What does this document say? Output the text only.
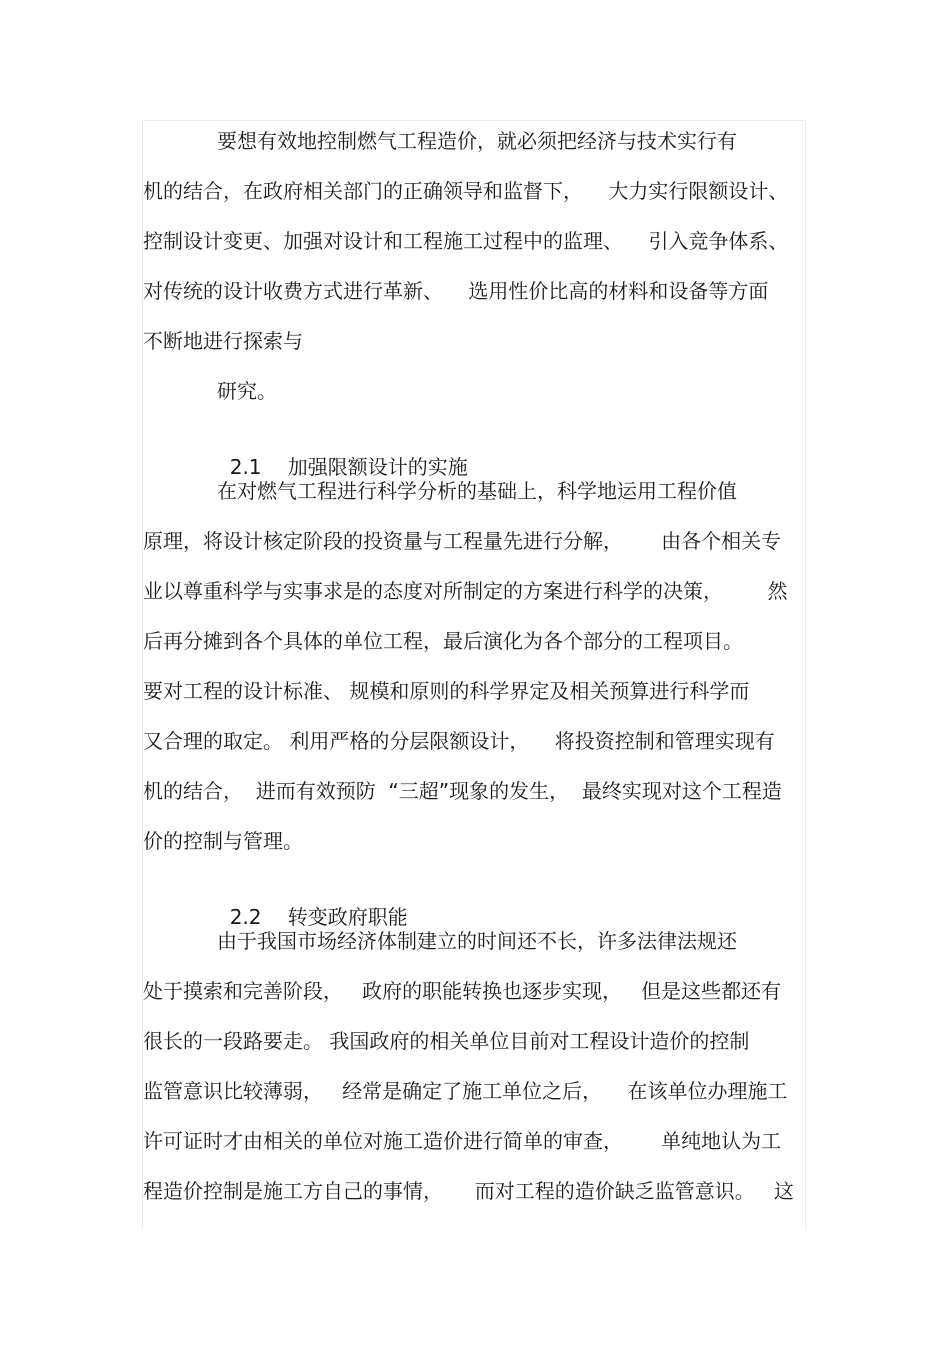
要想有效地控制燃气工程造价，就必须把经济与技术实行有
机的结合，在政府相关部门的正确领导和监督下，    大力实行限额设计、
控制设计变更、加强对设计和工程施工过程中的监理、    引入竞争体系、
对传统的设计收费方式进行革新、    选用性价比高的材料和设备等方面
不断地进行探索与
研究。

2.1 加强限额设计的实施

在对燃气工程进行科学分析的基础上，科学地运用工程价值
原理，将设计核定阶段的投资量与工程量先进行分解，      由各个相关专
业以尊重科学与实事求是的态度对所制定的方案进行科学的决策，       然
后再分摊到各个具体的单位工程，最后演化为各个部分的工程项目。
要对工程的设计标准、 规模和原则的科学界定及相关预算进行科学而
又合理的取定。 利用严格的分层限额设计，    将投资控制和管理实现有
机的结合，  进而有效预防  “三超”现象的发生，  最终实现对这个工程造
价的控制与管理。

2.2 转变政府职能

由于我国市场经济体制建立的时间还不长，许多法律法规还
处于摸索和完善阶段，   政府的职能转换也逐步实现，   但是这些都还有
很长的一段路要走。 我国政府的相关单位目前对工程设计造价的控制
监管意识比较薄弱，   经常是确定了施工单位之后，    在该单位办理施工
许可证时才由相关的单位对施工造价进行简单的审查，      单纯地认为工
程造价控制是施工方自己的事情，     而对工程的造价缺乏监管意识。   这
